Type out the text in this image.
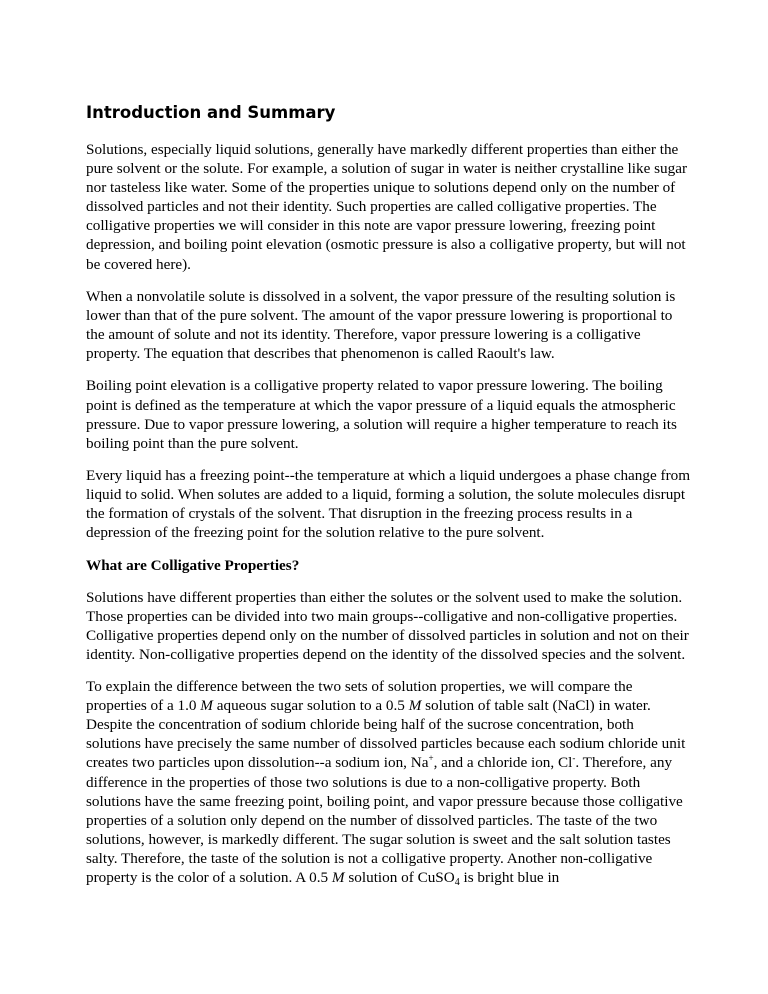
Introduction and Summary

Solutions, especially liquid solutions, generally have markedly different properties than either the pure solvent or the solute. For example, a solution of sugar in water is neither crystalline like sugar nor tasteless like water. Some of the properties unique to solutions depend only on the number of dissolved particles and not their identity. Such properties are called colligative properties. The colligative properties we will consider in this note are vapor pressure lowering, freezing point depression, and boiling point elevation (osmotic pressure is also a colligative property, but will not be covered here).

When a nonvolatile solute is dissolved in a solvent, the vapor pressure of the resulting solution is lower than that of the pure solvent. The amount of the vapor pressure lowering is proportional to the amount of solute and not its identity. Therefore, vapor pressure lowering is a colligative property. The equation that describes that phenomenon is called Raoult's law.

Boiling point elevation is a colligative property related to vapor pressure lowering. The boiling point is defined as the temperature at which the vapor pressure of a liquid equals the atmospheric pressure. Due to vapor pressure lowering, a solution will require a higher temperature to reach its boiling point than the pure solvent.

Every liquid has a freezing point--the temperature at which a liquid undergoes a phase change from liquid to solid. When solutes are added to a liquid, forming a solution, the solute molecules disrupt the formation of crystals of the solvent. That disruption in the freezing process results in a depression of the freezing point for the solution relative to the pure solvent.

What are Colligative Properties?

Solutions have different properties than either the solutes or the solvent used to make the solution. Those properties can be divided into two main groups--colligative and non-colligative properties. Colligative properties depend only on the number of dissolved particles in solution and not on their identity. Non-colligative properties depend on the identity of the dissolved species and the solvent.

To explain the difference between the two sets of solution properties, we will compare the properties of a 1.0 M aqueous sugar solution to a 0.5 M solution of table salt (NaCl) in water. Despite the concentration of sodium chloride being half of the sucrose concentration, both solutions have precisely the same number of dissolved particles because each sodium chloride unit creates two particles upon dissolution--a sodium ion, Na+, and a chloride ion, Cl-. Therefore, any difference in the properties of those two solutions is due to a non-colligative property. Both solutions have the same freezing point, boiling point, and vapor pressure because those colligative properties of a solution only depend on the number of dissolved particles. The taste of the two solutions, however, is markedly different. The sugar solution is sweet and the salt solution tastes salty. Therefore, the taste of the solution is not a colligative property. Another non-colligative property is the color of a solution. A 0.5 M solution of CuSO$_4$ is bright blue in
